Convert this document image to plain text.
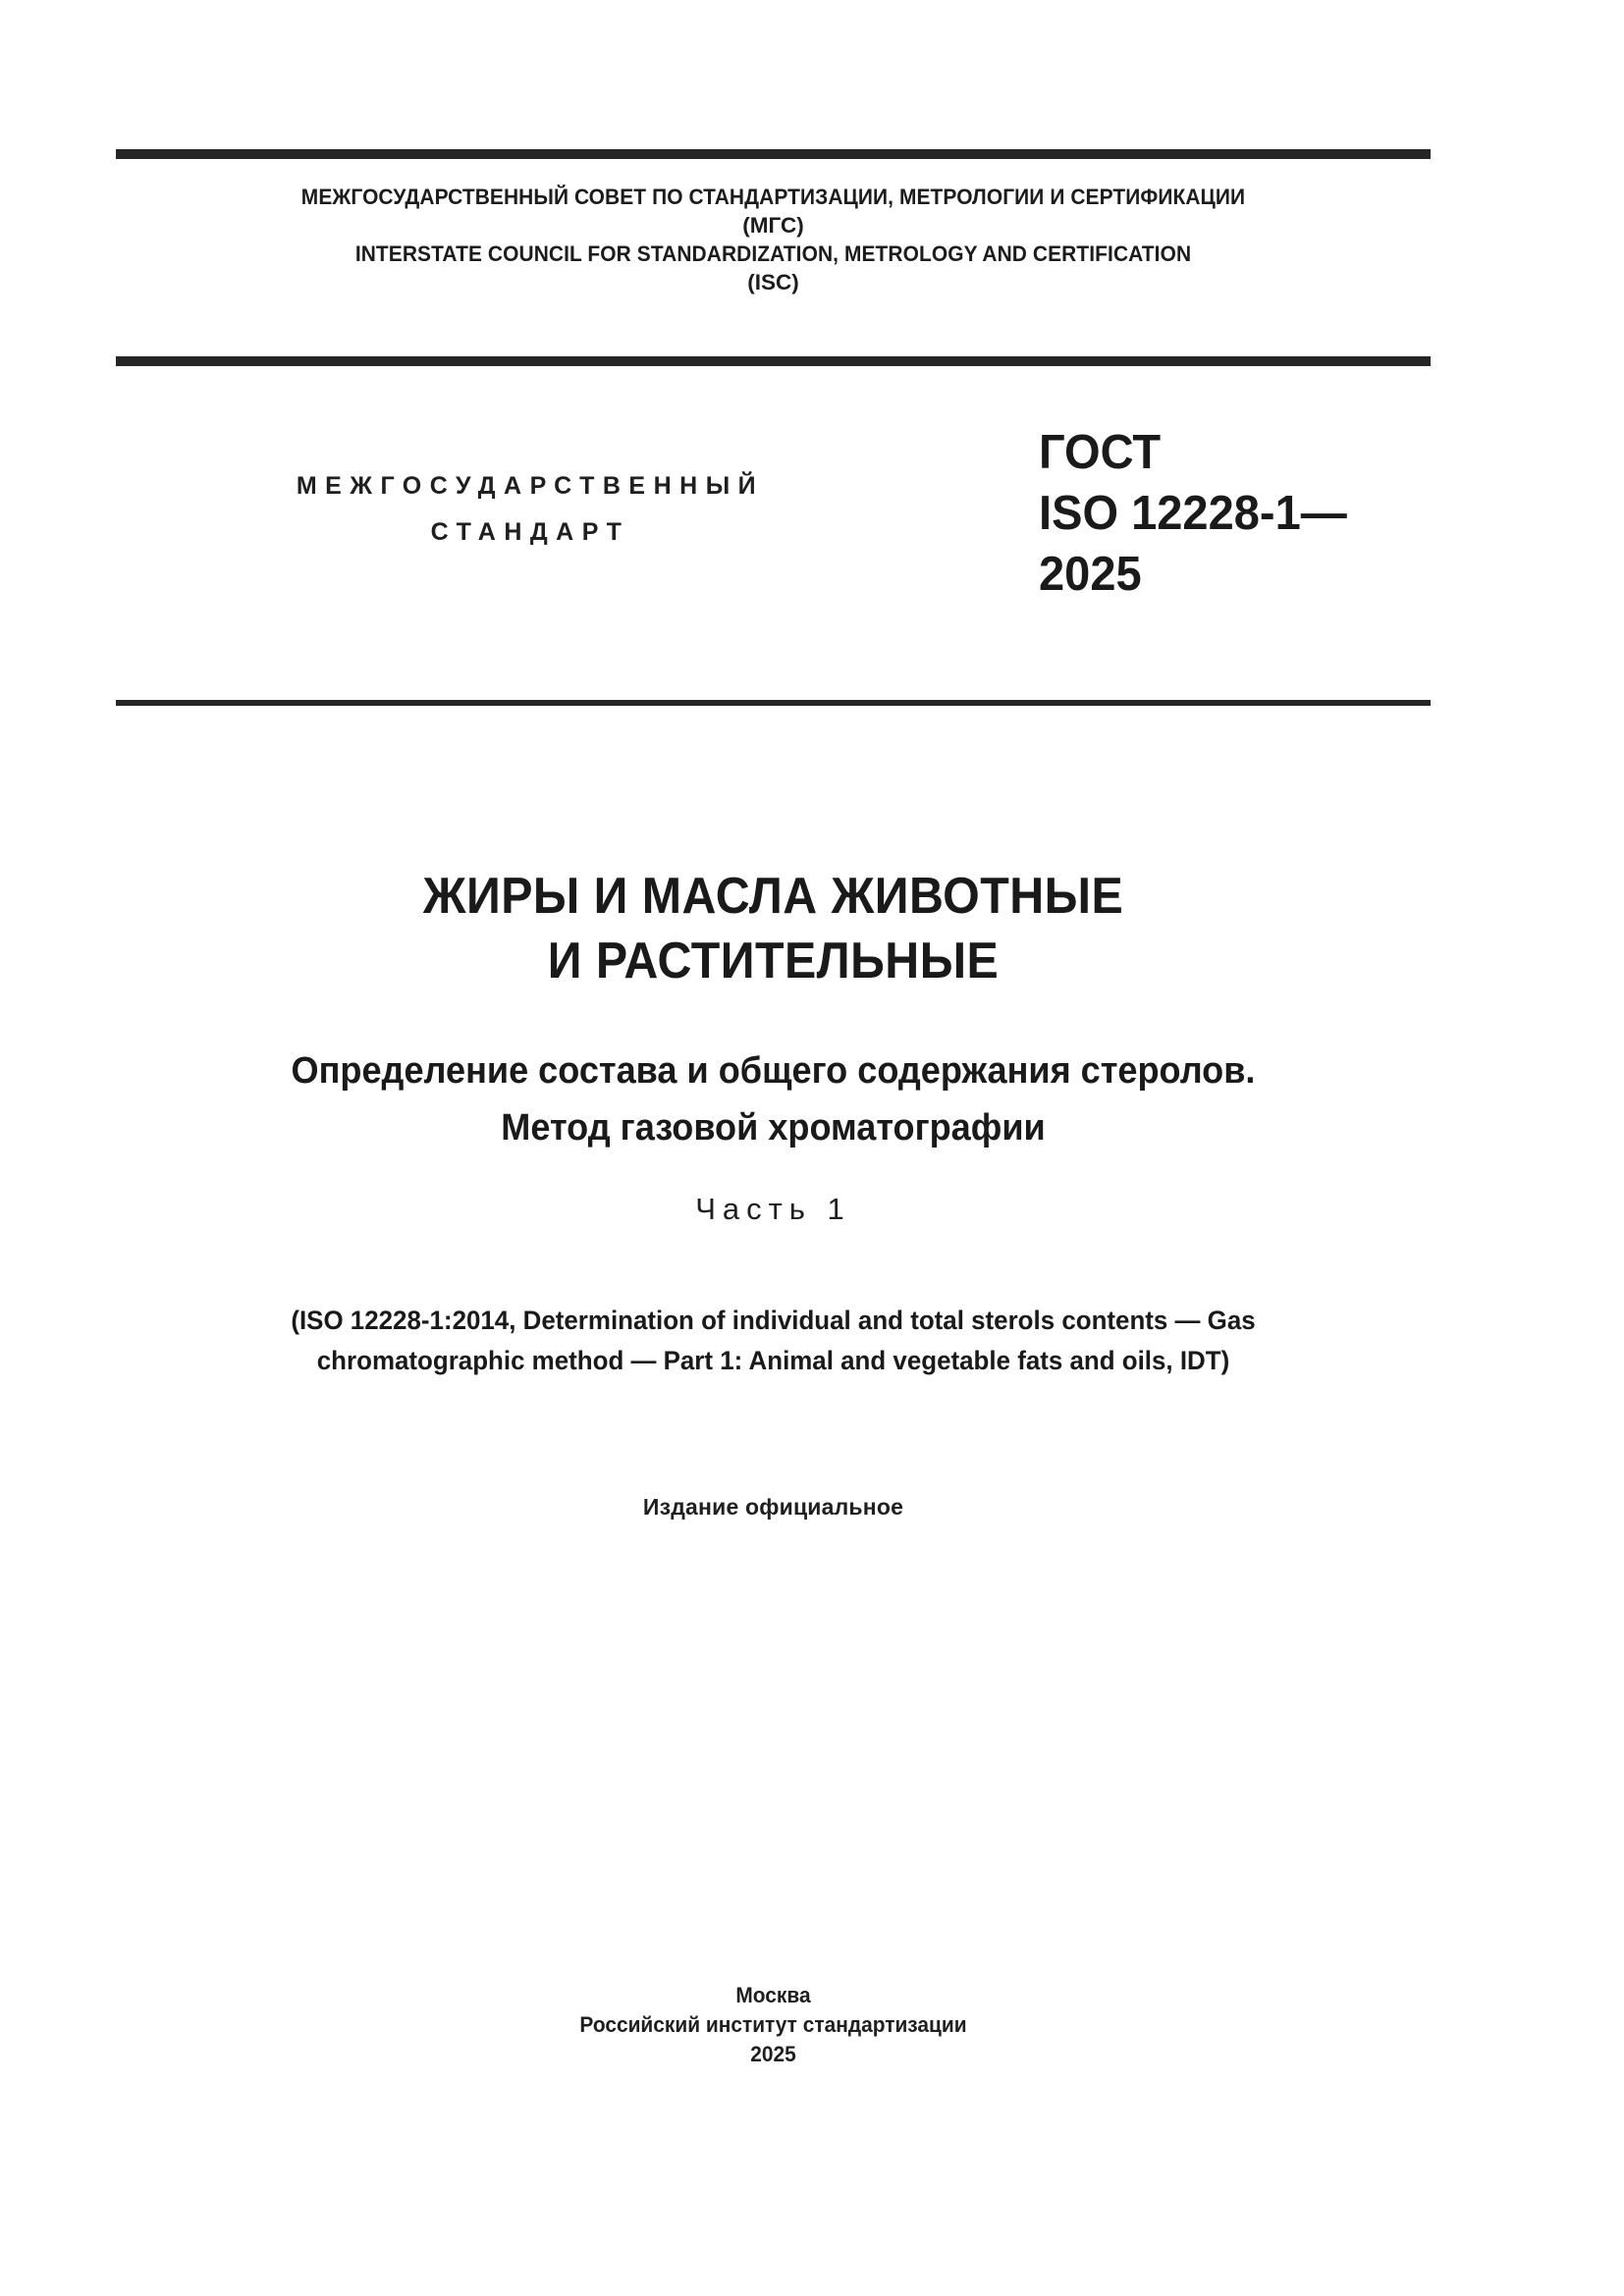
МЕЖГОСУДАРСТВЕННЫЙ СОВЕТ ПО СТАНДАРТИЗАЦИИ, МЕТРОЛОГИИ И СЕРТИФИКАЦИИ
(МГС)
INTERSTATE COUNCIL FOR STANDARDIZATION, METROLOGY AND CERTIFICATION
(ISC)
МЕЖГОСУДАРСТВЕННЫЙ
СТАНДАРТ
ГОСТ
ISO 12228-1—
2025
ЖИРЫ И МАСЛА ЖИВОТНЫЕ
И РАСТИТЕЛЬНЫЕ
Определение состава и общего содержания стеролов.
Метод газовой хроматографии
Часть 1
(ISO 12228-1:2014, Determination of individual and total sterols contents — Gas
chromatographic method — Part 1: Animal and vegetable fats and oils, IDT)
Издание официальное
Москва
Российский институт стандартизации
2025
